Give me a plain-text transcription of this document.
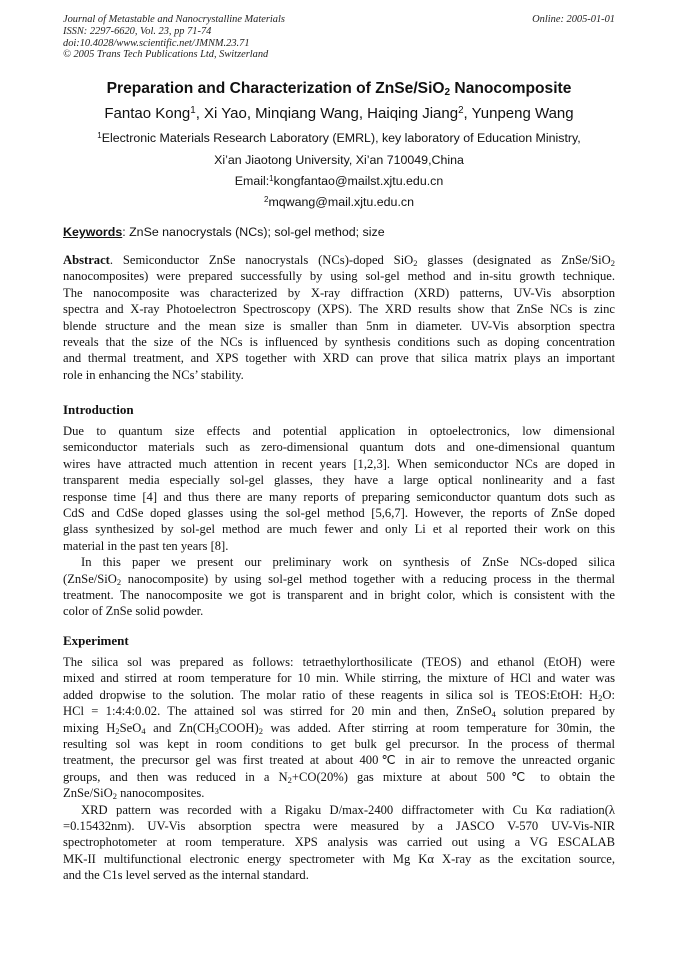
Journal of Metastable and Nanocrystalline Materials
ISSN: 2297-6620, Vol. 23, pp 71-74
doi:10.4028/www.scientific.net/JMNM.23.71
© 2005 Trans Tech Publications Ltd, Switzerland
Online: 2005-01-01
Preparation and Characterization of ZnSe/SiO$_2$ Nanocomposite
Fantao Kong$^1$, Xi Yao, Minqiang Wang, Haiqing Jiang$^2$, Yunpeng Wang
$^1$Electronic Materials Research Laboratory (EMRL), key laboratory of Education Ministry,
Xi’an Jiaotong University, Xi’an 710049,China
Email:$^1$kongfantao@mailst.xjtu.edu.cn
$^2$mqwang@mail.xjtu.edu.cn
Keywords: ZnSe nanocrystals (NCs); sol-gel method; size
Abstract. Semiconductor ZnSe nanocrystals (NCs)-doped SiO$_2$ glasses (designated as ZnSe/SiO$_2$
nanocomposites) were prepared successfully by using sol-gel method and in-situ growth technique.
The nanocomposite was characterized by X-ray diffraction (XRD) patterns, UV-Vis absorption
spectra and X-ray Photoelectron Spectroscopy (XPS). The XRD results show that ZnSe NCs is zinc
blende structure and the mean size is smaller than 5nm in diameter. UV-Vis absorption spectra
reveals that the size of the NCs is influenced by synthesis conditions such as doping concentration
and thermal treatment, and XPS together with XRD can prove that silica matrix plays an important
role in enhancing the NCs’ stability.
Introduction
Due to quantum size effects and potential application in optoelectronics, low dimensional
semiconductor materials such as zero-dimensional quantum dots and one-dimensional quantum
wires have attracted much attention in recent years [1,2,3]. When semiconductor NCs are doped in
transparent media especially sol-gel glasses, they have a large optical nonlinearity and a fast
response time [4] and thus there are many reports of preparing semiconductor quantum dots such as
CdS and CdSe doped glasses using the sol-gel method [5,6,7]. However, the reports of ZnSe doped
glass synthesized by sol-gel method are much fewer and only Li et al reported their work on this
material in the past ten years [8].
In this paper we present our preliminary work on synthesis of ZnSe NCs-doped silica
(ZnSe/SiO$_2$ nanocomposite) by using sol-gel method together with a reducing process in the thermal
treatment. The nanocomposite we got is transparent and in bright color, which is consistent with the
color of ZnSe solid powder.
Experiment
The silica sol was prepared as follows: tetraethylorthosilicate (TEOS) and ethanol (EtOH) were
mixed and stirred at room temperature for 10 min. While stirring, the mixture of HCl and water was
added dropwise to the solution. The molar ratio of these reagents in silica sol is TEOS:EtOH: $H_2O$:
HCl = 1:4:4:0.02. The attained sol was stirred for 20 min and then, ZnSeO$_4$ solution prepared by
mixing $H_2SeO_4$ and $Zn(CH_3COOH)_2$ was added. After stirring at room temperature for 30min, the
resulting sol was kept in room conditions to get bulk gel precursor. In the process of thermal
treatment, the precursor gel was first treated at about 400℃ in air to remove the unreacted organic
groups, and then was reduced in a $N_2+CO(20\%)$ gas mixture at about 500℃ to obtain the
ZnSe/SiO$_2$ nanocomposites.
XRD pattern was recorded with a Rigaku D/max-2400 diffractometer with Cu Kα radiation(λ
=0.15432nm). UV-Vis absorption spectra were measured by a JASCO V-570 UV-Vis-NIR
spectrophotometer at room temperature. XPS analysis was carried out using a VG ESCALAB
MK-II multifunctional electronic energy spectrometer with Mg Kα X-ray as the excitation source,
and the C1s level served as the internal standard.
